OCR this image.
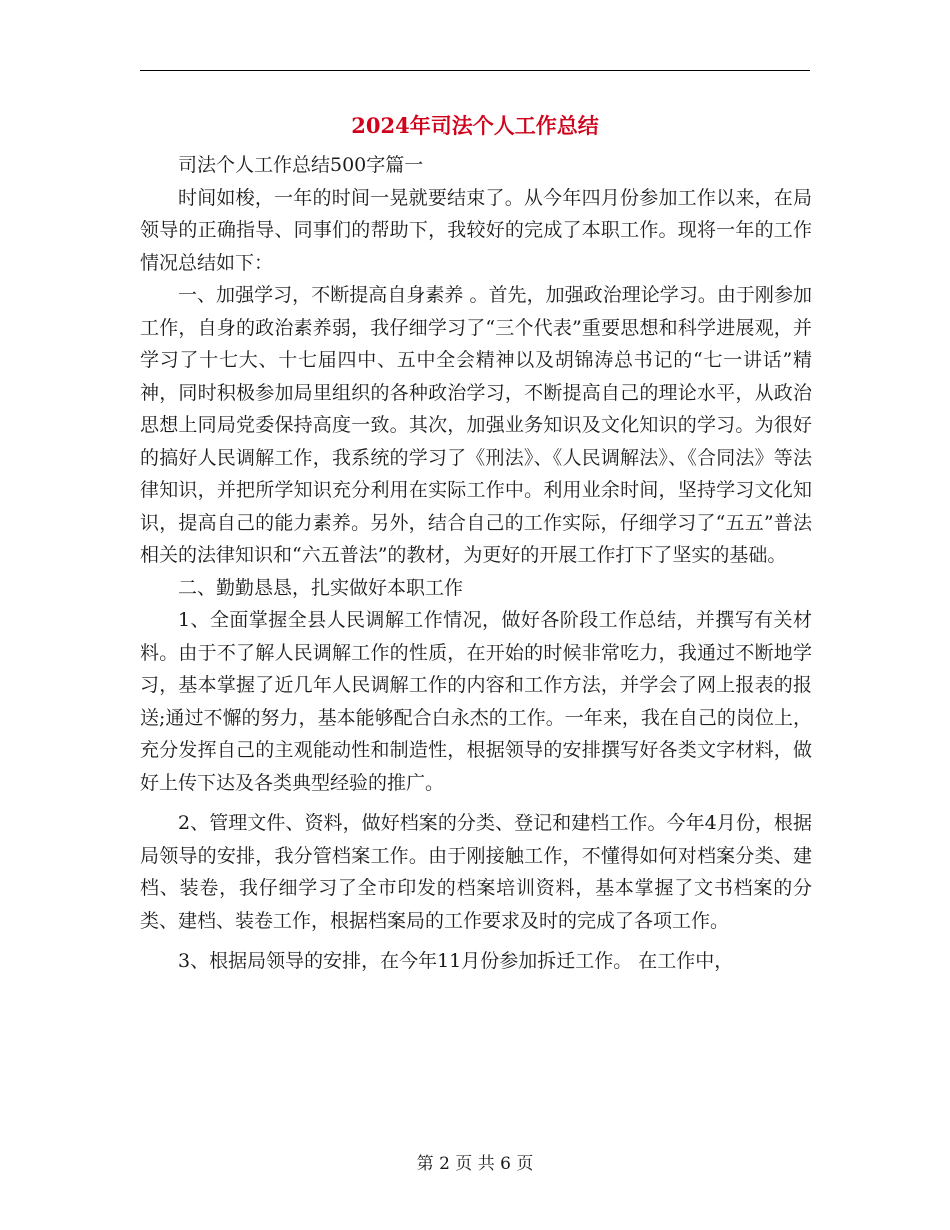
2024年司法个人工作总结

司法个人工作总结500字篇一

时间如梭，一年的时间一晃就要结束了。从今年四月份参加工作以来，在局领导的正确指导、同事们的帮助下，我较好的完成了本职工作。现将一年的工作情况总结如下：

一、加强学习，不断提高自身素养 。首先，加强政治理论学习。由于刚参加工作，自身的政治素养弱，我仔细学习了“三个代表”重要思想和科学进展观，并学习了十七大、十七届四中、五中全会精神以及胡锦涛总书记的“七一讲话”精神，同时积极参加局里组织的各种政治学习，不断提高自己的理论水平，从政治思想上同局党委保持高度一致。其次，加强业务知识及文化知识的学习。为很好的搞好人民调解工作，我系统的学习了《刑法》、《人民调解法》、《合同法》等法律知识，并把所学知识充分利用在实际工作中。利用业余时间，坚持学习文化知识，提高自己的能力素养。另外，结合自己的工作实际，仔细学习了“五五”普法相关的法律知识和“六五普法”的教材，为更好的开展工作打下了坚实的基础。

二、勤勤恳恳，扎实做好本职工作

1、全面掌握全县人民调解工作情况，做好各阶段工作总结，并撰写有关材料。由于不了解人民调解工作的性质，在开始的时候非常吃力，我通过不断地学习，基本掌握了近几年人民调解工作的内容和工作方法，并学会了网上报表的报送;通过不懈的努力，基本能够配合白永杰的工作。一年来，我在自己的岗位上，充分发挥自己的主观能动性和制造性，根据领导的安排撰写好各类文字材料，做好上传下达及各类典型经验的推广。

2、管理文件、资料，做好档案的分类、登记和建档工作。今年4月份，根据局领导的安排，我分管档案工作。由于刚接触工作，不懂得如何对档案分类、建档、装卷，我仔细学习了全市印发的档案培训资料，基本掌握了文书档案的分类、建档、装卷工作，根据档案局的工作要求及时的完成了各项工作。

3、根据局领导的安排，在今年11月份参加拆迁工作。 在工作中，

第 2 页 共 6 页
